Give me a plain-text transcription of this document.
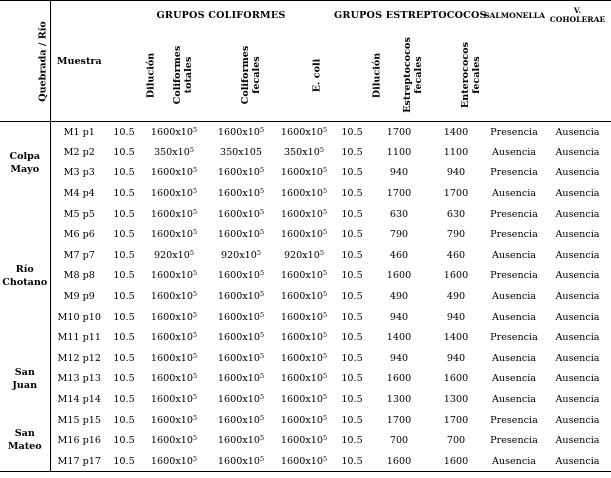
Quebrada / Río	Muestra	GRUPOS COLIFORMES				GRUPOS ESTREPTOCOCOS			SALMONELLA	V.
COHOLERAE

		Dilución	Coliformes totales	Coliformes fecales	E. coli	Dilución	Estreptococos fecales	Enterococos fecales		

Colpa
Mayo	M1 p1	10.5	$1600x10^5$	$1600x10^5$	$1600x10^5$	10.5	1700	1400	Presencia	Ausencia
	M2 p2	10.5	$350x10^5$	350x105	$350x10^5$	10.5	1100	1100	Ausencia	Ausencia
	M3 p3	10.5	$1600x10^5$	$1600x10^5$	$1600x10^5$	10.5	940	940	Presencia	Ausencia
	M4 p4	10.5	$1600x10^5$	$1600x10^5$	$1600x10^5$	10.5	1700	1700	Ausencia	Ausencia

Río
Chotano	M5 p5	10.5	$1600x10^5$	$1600x10^5$	$1600x10^5$	10.5	630	630	Presencia	Ausencia
	M6 p6	10.5	$1600x10^5$	$1600x10^5$	$1600x10^5$	10.5	790	790	Presencia	Ausencia
	M7 p7	10.5	$920x10^5$	$920x10^5$	$920x10^5$	10.5	460	460	Ausencia	Ausencia
	M8 p8	10.5	$1600x10^5$	$1600x10^5$	$1600x10^5$	10.5	1600	1600	Presencia	Ausencia
	M9 p9	10.5	$1600x10^5$	$1600x10^5$	$1600x10^5$	10.5	490	490	Ausencia	Ausencia
	M10 p10	10.5	$1600x10^5$	$1600x10^5$	$1600x10^5$	10.5	940	940	Ausencia	Ausencia
	M11 p11	10.5	$1600x10^5$	$1600x10^5$	$1600x10^5$	10.5	1400	1400	Presencia	Ausencia

San
Juan	M12 p12	10.5	$1600x10^5$	$1600x10^5$	$1600x10^5$	10.5	940	940	Ausencia	Ausencia
	M13 p13	10.5	$1600x10^5$	$1600x10^5$	$1600x10^5$	10.5	1600	1600	Ausencia	Ausencia
	M14 p14	10.5	$1600x10^5$	$1600x10^5$	$1600x10^5$	10.5	1300	1300	Ausencia	Ausencia

San
Mateo	M15 p15	10.5	$1600x10^5$	$1600x10^5$	$1600x10^5$	10.5	1700	1700	Presencia	Ausencia
	M16 p16	10.5	$1600x10^5$	$1600x10^5$	$1600x10^5$	10.5	700	700	Presencia	Ausencia
	M17 p17	10.5	$1600x10^5$	$1600x10^5$	$1600x10^5$	10.5	1600	1600	Ausencia	Ausencia
